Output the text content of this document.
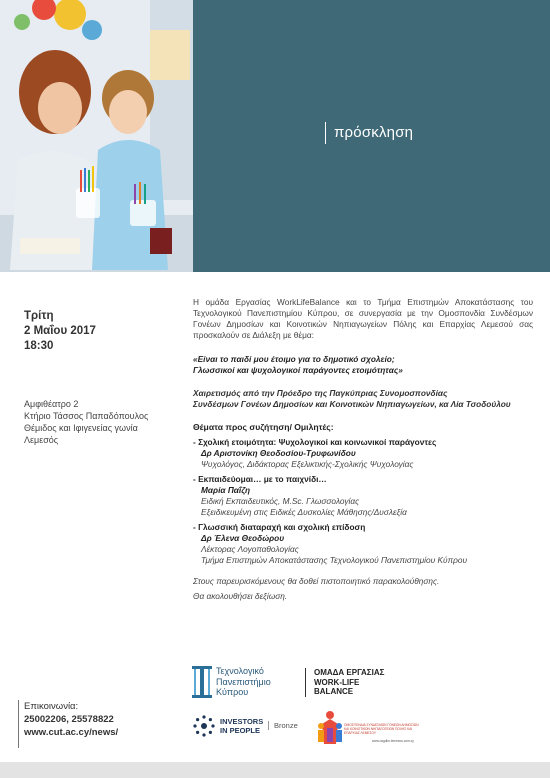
πρόσκληση
Τρίτη
2 Μαΐου 2017
18:30
Αμφιθέατρο 2
Κτήριο Τάσσος Παπαδόπουλος
Θέμιδος και Ιφιγενείας γωνία
Λεμεσός
Επικοινωνία:
25002206, 25578822
www.cut.ac.cy/news/
Η ομάδα Εργασίας WorkLifeBalance και το Τμήμα Επιστημών Αποκατάστασης του Τεχνολογικού Πανεπιστημίου Κύπρου, σε συνεργασία με την Ομοσπονδία Συνδέσμων Γονέων Δημοσίων και Κοινοτικών Νηπιαγωγείων Πόλης και Επαρχίας Λεμεσού σας προσκαλούν σε Διάλεξη με θέμα:
«Είναι το παιδί μου έτοιμο για το δημοτικό σχολείο;
Γλωσσικοί και ψυχολογικοί παράγοντες ετοιμότητας»
Χαιρετισμός από την Πρόεδρο της Παγκύπριας Συνομοσπονδίας
Συνδέσμων Γονέων Δημοσίων και Κοινοτικών Νηπιαγωγείων, κα Λία Τσοδούλου
Θέματα προς συζήτηση/ Ομιλητές:
- Σχολική ετοιμότητα: Ψυχολογικοί και κοινωνικοί παράγοντες
Δρ Αριστονίκη Θεοδοσίου-Τρυφωνίδου
Ψυχολόγος, Διδάκτορας Εξελικτικής-Σχολικής Ψυχολογίας
- Εκπαιδεύομαι… με το παιχνίδι…
Μαρία Παΐζη
Ειδική Εκπαιδευτικός, M.Sc. Γλωσσολογίας
Εξειδικευμένη στις Ειδικές Δυσκολίες Μάθησης/Δυσλεξία
- Γλωσσική διαταραχή και σχολική επίδοση
Δρ Έλενα Θεοδώρου
Λέκτορας Λογοπαθολογίας
Τμήμα Επιστημών Αποκατάστασης Τεχνολογικού Πανεπιστημίου Κύπρου
Στους παρευρισκόμενους θα δοθεί πιστοποιητικό παρακολούθησης.
Θα ακολουθήσει δεξίωση.
Τεχνολογικό
Πανεπιστήμιο
Κύπρου
ΟΜΑΔΑ ΕΡΓΑΣΙΑΣ
WORK-LIFE
BALANCE
INVESTORS
IN PEOPLE
Bronze	ΟΜΟΣΠΟΝΔΙΑ ΣΥΝΔΕΣΜΩΝ ΓΟΝΕΩΝ ΔΗΜΟΣΙΩΝ ΚΑΙ ΚΟΙΝΟΤΙΚΩΝ ΝΗΠΙΑΓΩΓΕΙΩΝ ΠΟΛΗΣ ΚΑΙ ΕΠΑΡΧΙΑΣ ΛΕΜΕΣΟΥ
www.osgdkn-lemesos.com.cy
